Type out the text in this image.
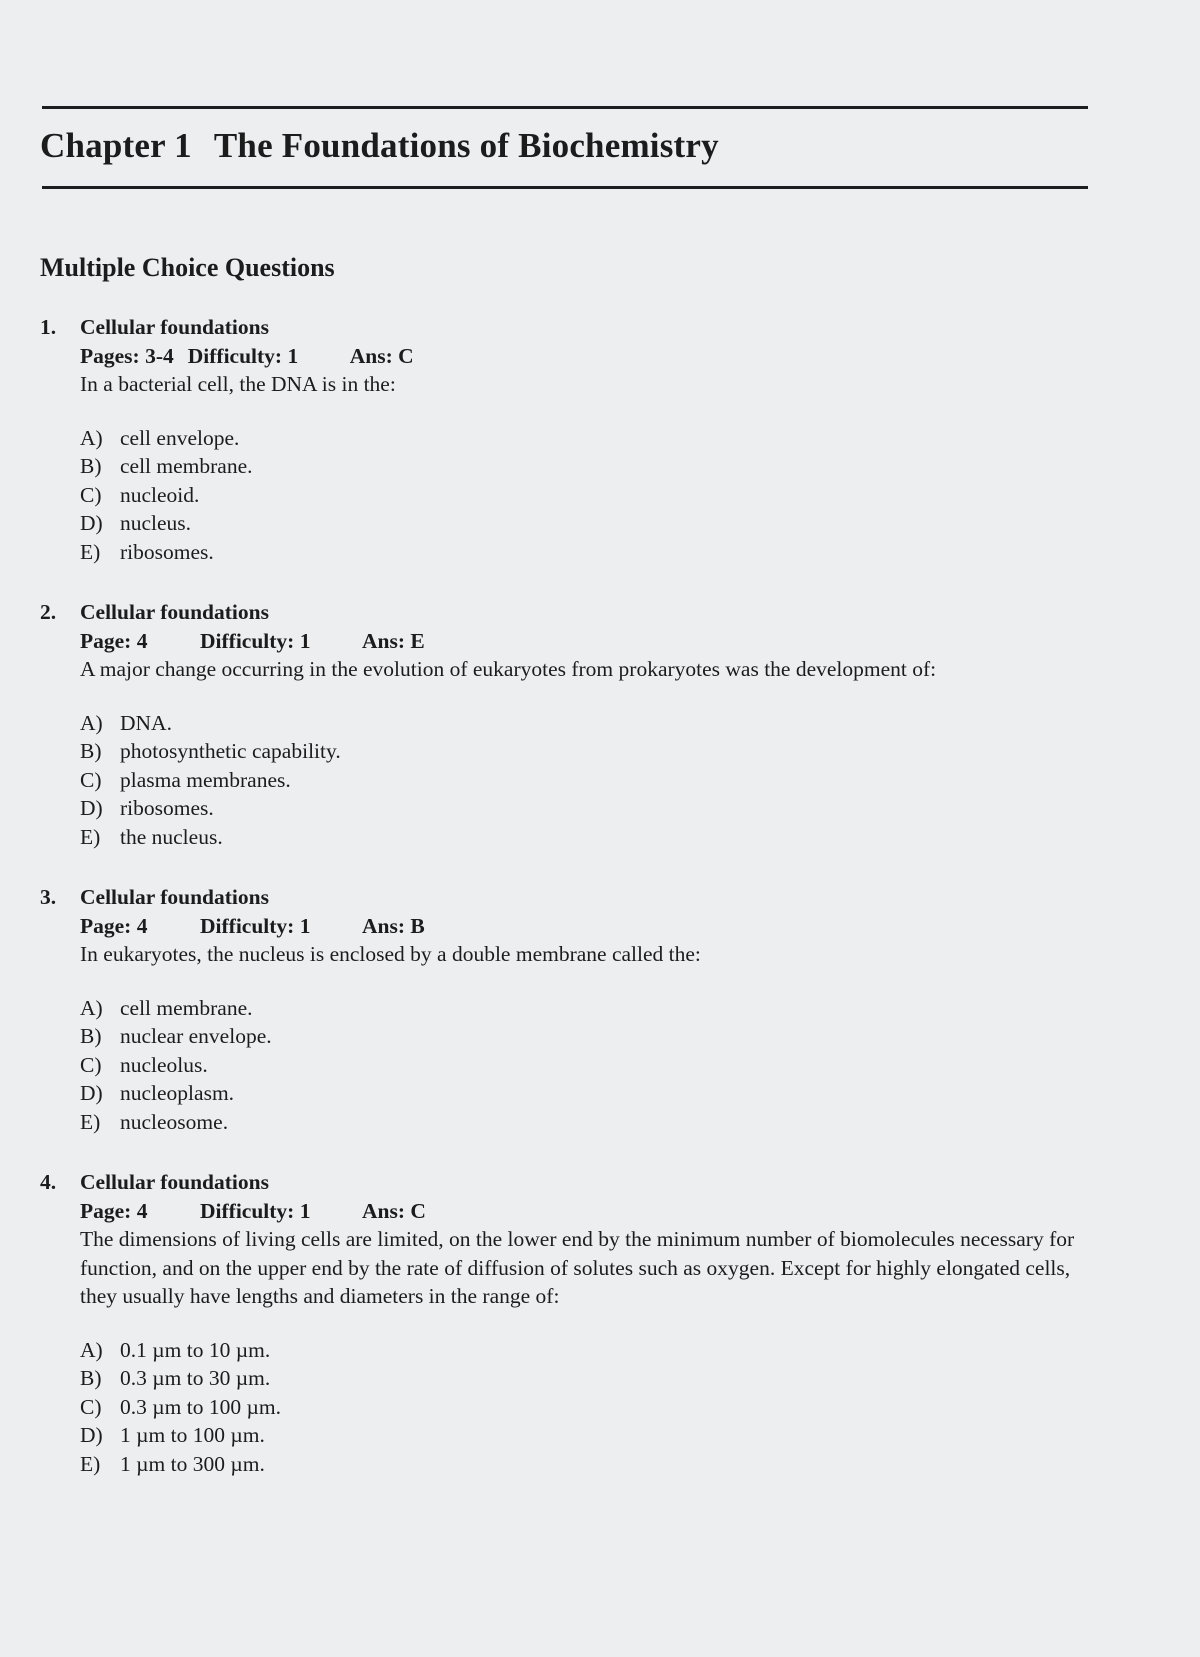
Chapter 1 The Foundations of Biochemistry
Multiple Choice Questions
1. Cellular foundations
Pages: 3-4 Difficulty: 1 Ans: C
In a bacterial cell, the DNA is in the:
A) cell envelope.
B) cell membrane.
C) nucleoid.
D) nucleus.
E) ribosomes.
2. Cellular foundations
Page: 4 Difficulty: 1 Ans: E
A major change occurring in the evolution of eukaryotes from prokaryotes was the development of:
A) DNA.
B) photosynthetic capability.
C) plasma membranes.
D) ribosomes.
E) the nucleus.
3. Cellular foundations
Page: 4 Difficulty: 1 Ans: B
In eukaryotes, the nucleus is enclosed by a double membrane called the:
A) cell membrane.
B) nuclear envelope.
C) nucleolus.
D) nucleoplasm.
E) nucleosome.
4. Cellular foundations
Page: 4 Difficulty: 1 Ans: C
The dimensions of living cells are limited, on the lower end by the minimum number of biomolecules necessary for function, and on the upper end by the rate of diffusion of solutes such as oxygen. Except for highly elongated cells, they usually have lengths and diameters in the range of:
A) 0.1 µm to 10 µm.
B) 0.3 µm to 30 µm.
C) 0.3 µm to 100 µm.
D) 1 µm to 100 µm.
E) 1 µm to 300 µm.
